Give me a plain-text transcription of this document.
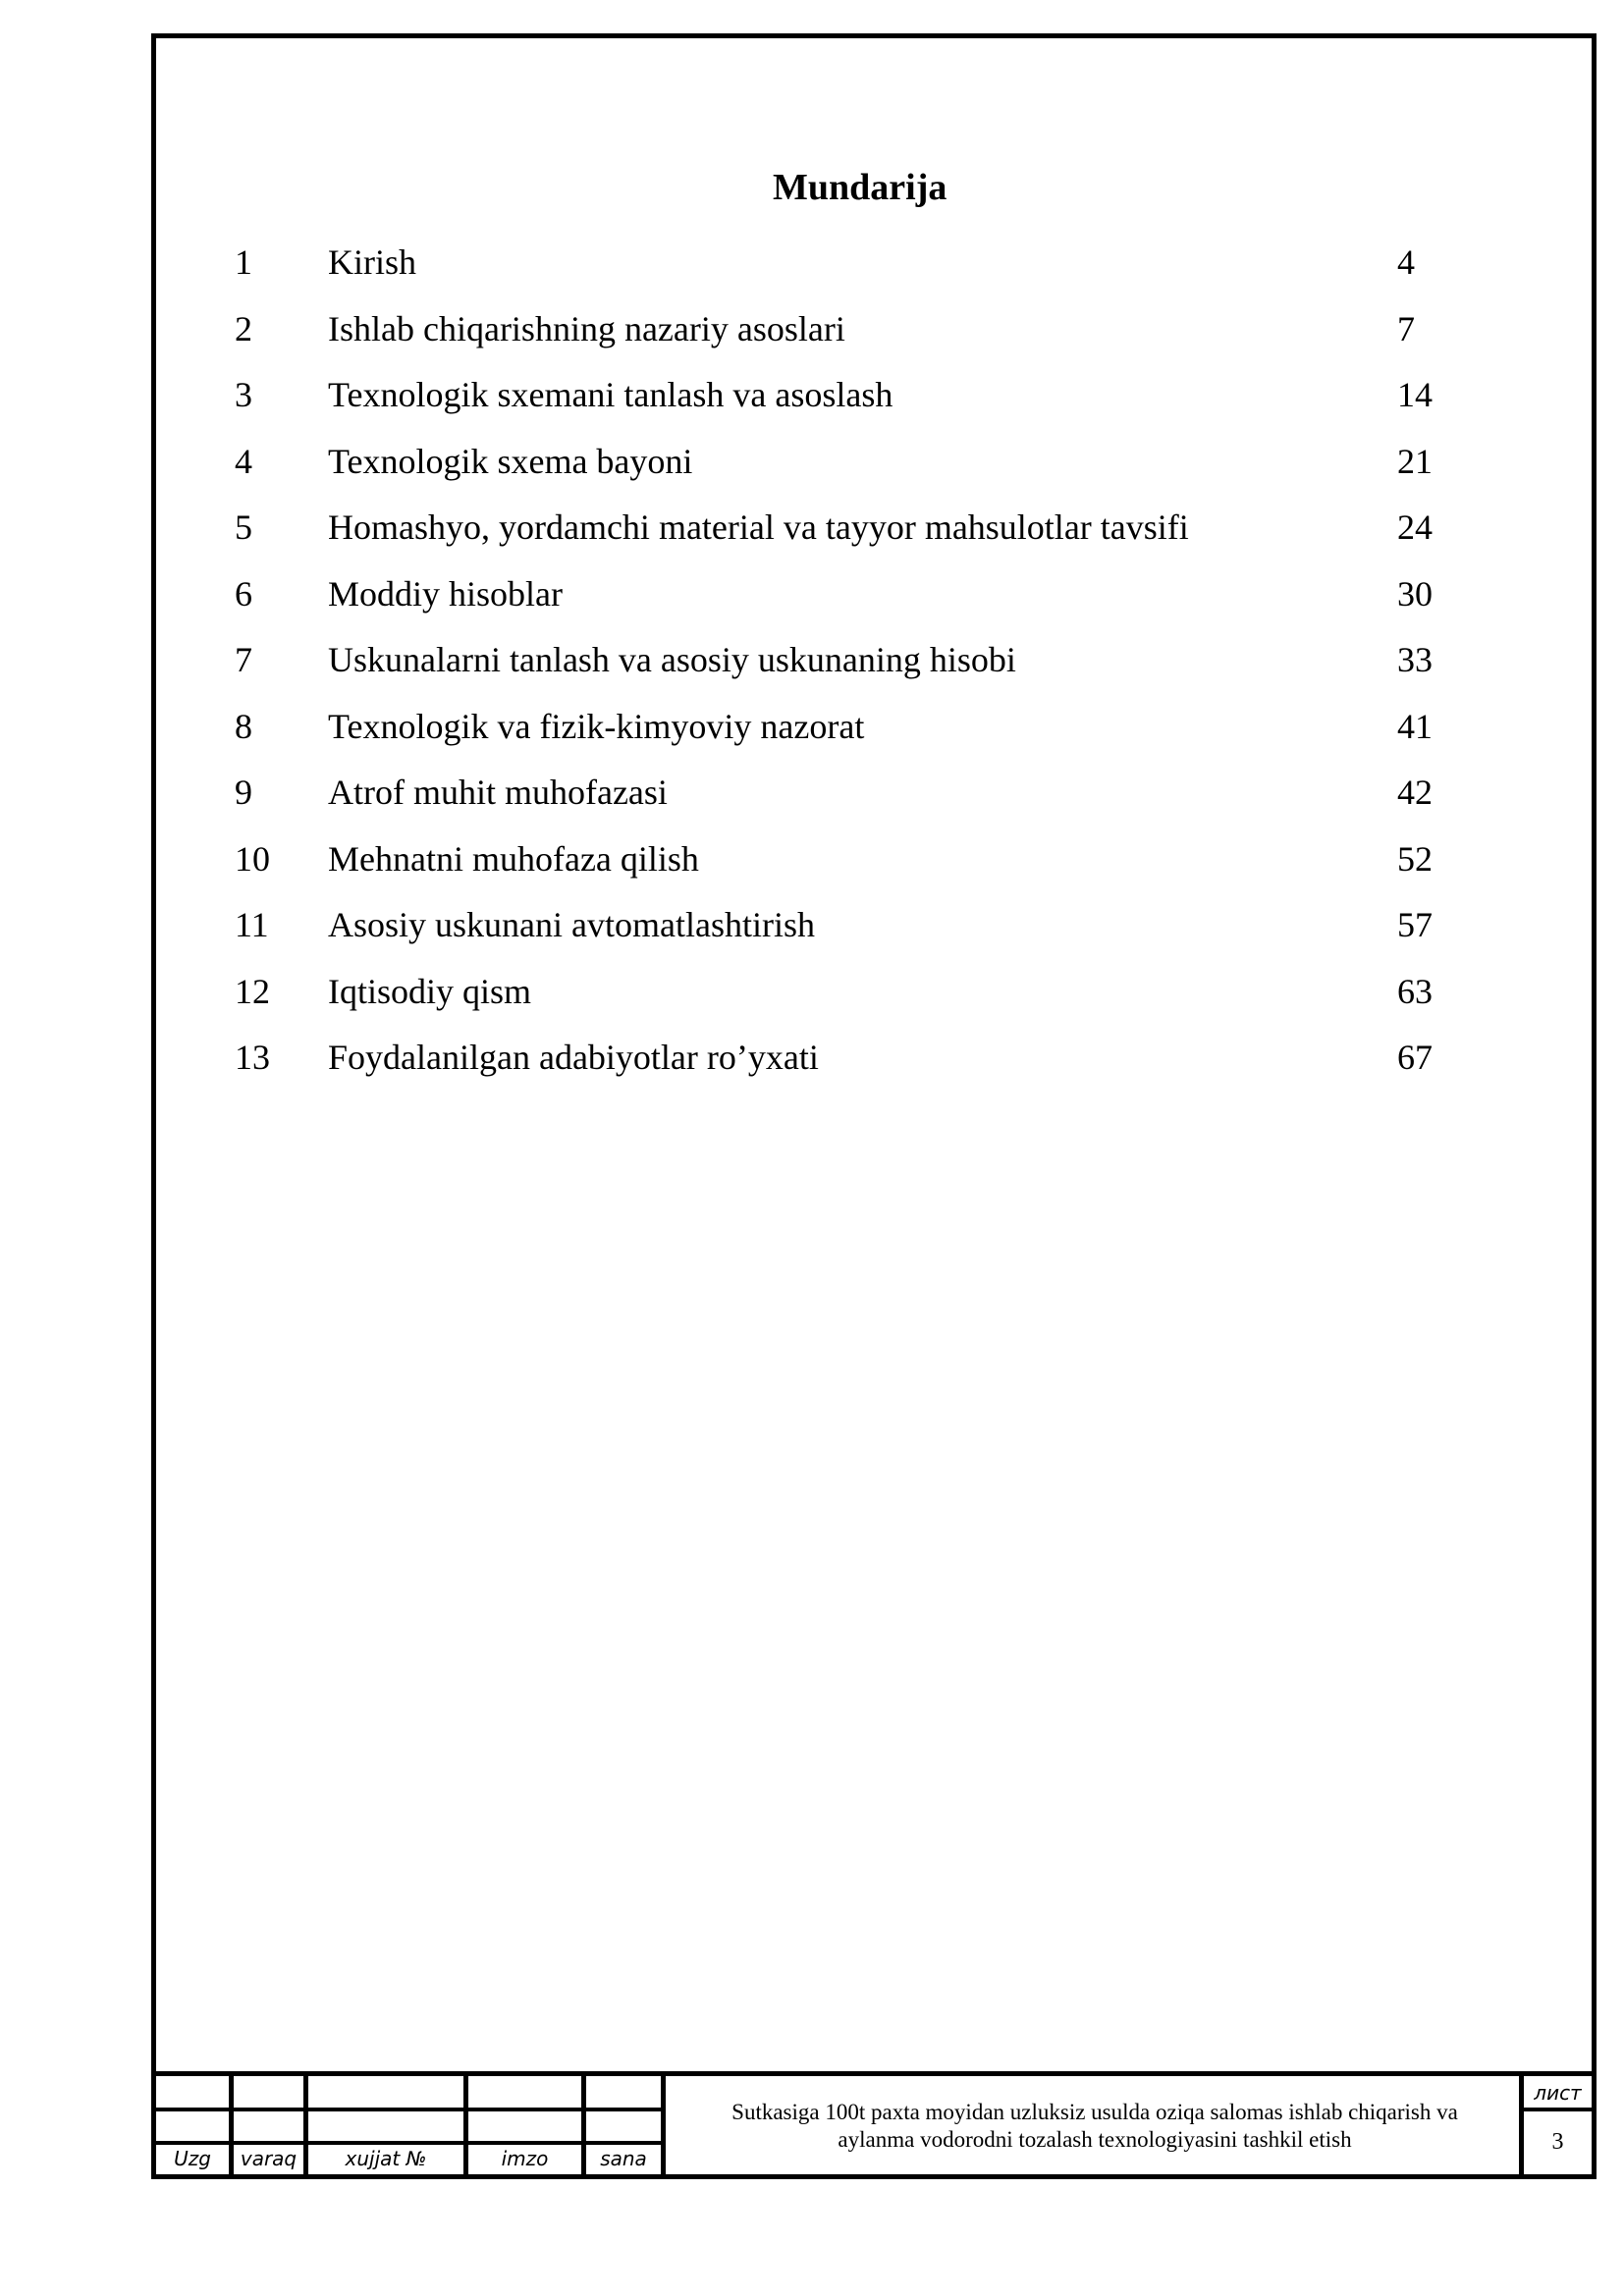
Mundarija
1 Kirish	4
2 Ishlab chiqarishning nazariy asoslari	7
3 Texnologik sxemani tanlash va asoslash	14
4 Texnologik sxema bayoni	21
5 Homashyo, yordamchi material va tayyor mahsulotlar tavsifi	24
6 Moddiy hisoblar	30
7 Uskunalarni tanlash va asosiy uskunaning hisobi	33
8 Texnologik va fizik-kimyoviy nazorat	41
9 Atrof muhit muhofazasi	42
10 Mehnatni muhofaza qilish	52
11 Asosiy uskunani avtomatlashtirish	57
12 Iqtisodiy qism	63
13 Foydalanilgan adabiyotlar ro’yxati	67
Uzg	varaq	xujjat №	imzo	sana
Sutkasiga 100t paxta moyidan uzluksiz usulda oziqa salomas ishlab chiqarish va aylanma vodorodni tozalash texnologiyasini tashkil etish
лист
3
